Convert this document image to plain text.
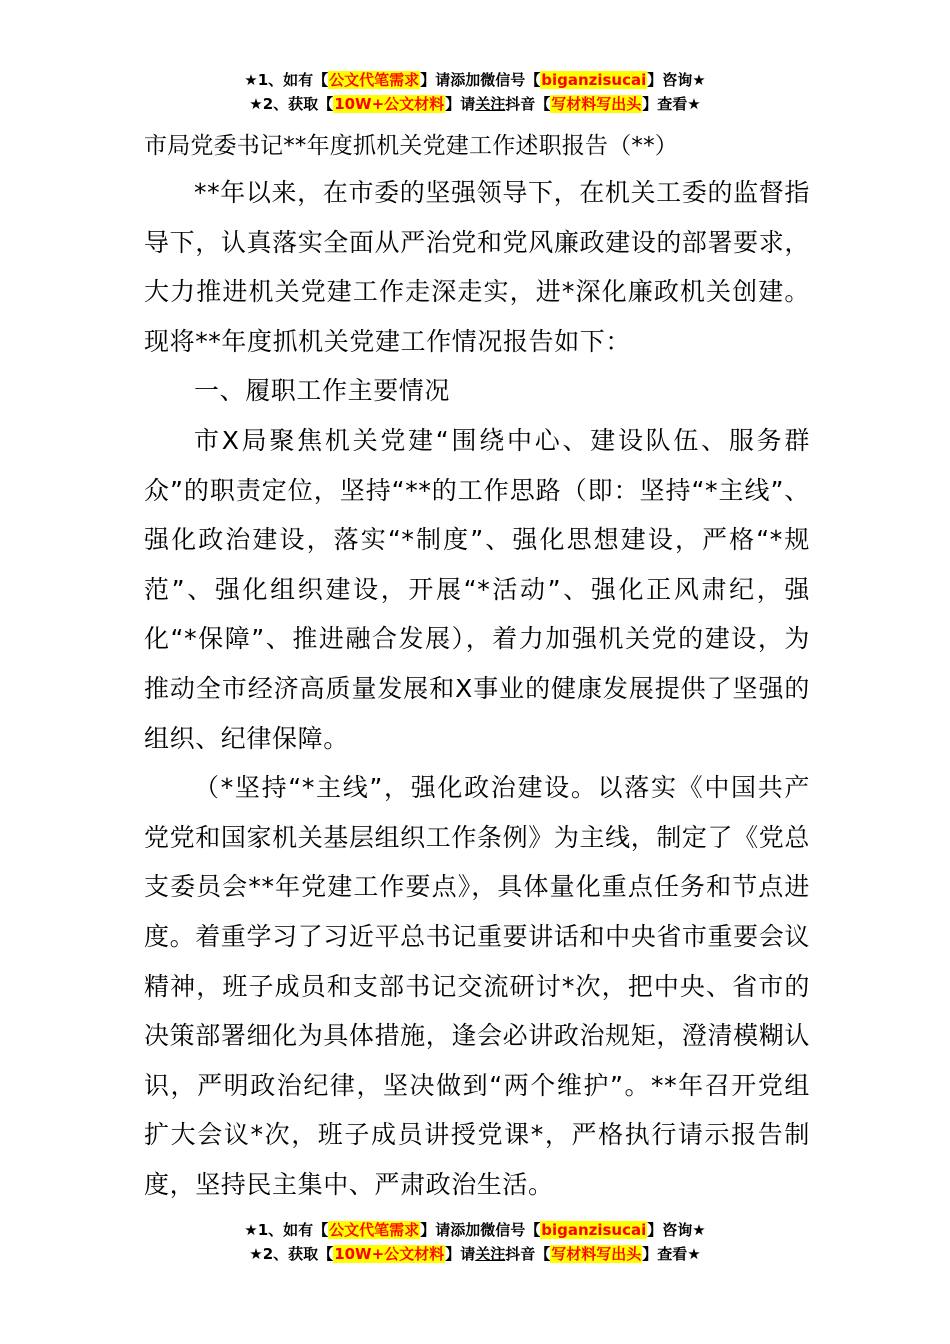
★1、如有【公文代笔需求】请添加微信号【biganzisucai】咨询★
★2、获取【10W+公文材料】请关注抖音【写材料写出头】查看★
市局党委书记**年度抓机关党建工作述职报告（**）

**年以来，在市委的坚强领导下，在机关工委的监督指导下，认真落实全面从严治党和党风廉政建设的部署要求，大力推进机关党建工作走深走实，进*深化廉政机关创建。现将**年度抓机关党建工作情况报告如下：

一、履职工作主要情况

市X局聚焦机关党建“围绕中心、建设队伍、服务群众”的职责定位，坚持“**的工作思路（即：坚持“*主线”、强化政治建设，落实“*制度”、强化思想建设，严格“*规范”、强化组织建设，开展“*活动”、强化正风肃纪，强化“*保障”、推进融合发展），着力加强机关党的建设，为推动全市经济高质量发展和X事业的健康发展提供了坚强的组织、纪律保障。

（*坚持“*主线”，强化政治建设。以落实《中国共产党党和国家机关基层组织工作条例》为主线，制定了《党总支委员会**年党建工作要点》，具体量化重点任务和节点进度。着重学习了习近平总书记重要讲话和中央省市重要会议精神，班子成员和支部书记交流研讨*次，把中央、省市的决策部署细化为具体措施，逢会必讲政治规矩，澄清模糊认识，严明政治纪律，坚决做到“两个维护”。**年召开党组扩大会议*次，班子成员讲授党课*，严格执行请示报告制度，坚持民主集中、严肃政治生活。

★1、如有【公文代笔需求】请添加微信号【biganzisucai】咨询★
★2、获取【10W+公文材料】请关注抖音【写材料写出头】查看★
